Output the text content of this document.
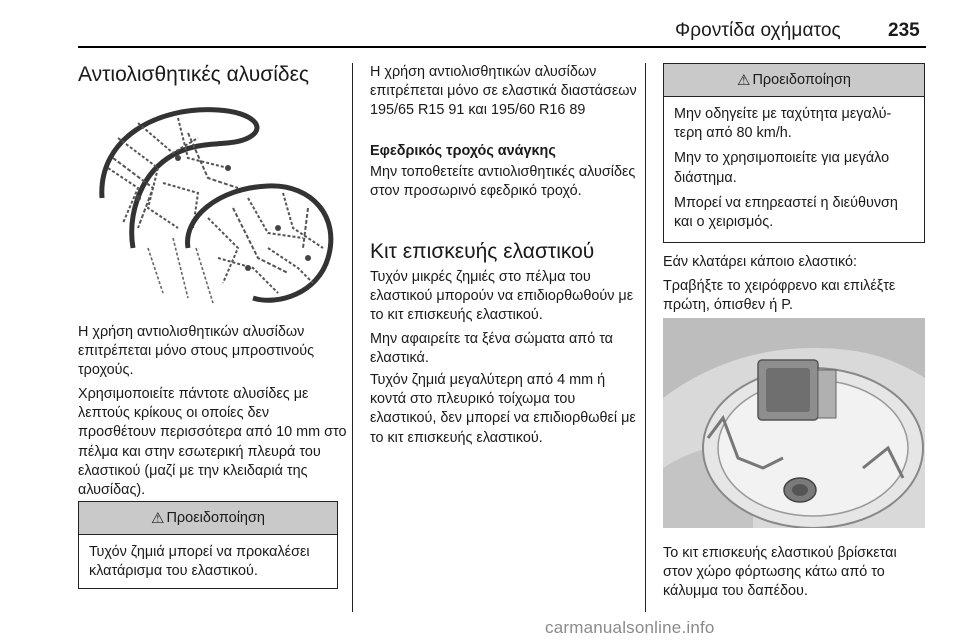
Φροντίδα οχήματος 235
Αντιολισθητικές αλυσίδες
Η χρήση αντιολισθητικών αλυσίδων επιτρέπεται μόνο στους μπροστινούς τροχούς.
Χρησιμοποιείτε πάντοτε αλυσίδες με λεπτούς κρίκους οι οποίες δεν προσθέτουν περισσότερα από 10 mm στο πέλμα και στην εσωτερική πλευρά του ελαστικού (μαζί με την κλειδαριά της αλυσίδας).
⚠ Προειδοποίηση

Τυχόν ζημιά μπορεί να προκαλέσει κλατάρισμα του ελαστικού.

Η χρήση αντιολισθητικών αλυσίδων επιτρέπεται μόνο σε ελαστικά διαστάσεων 195/65 R15 91 και 195/60 R16 89
Εφεδρικός τροχός ανάγκης
Μην τοποθετείτε αντιολισθητικές αλυσίδες στον προσωρινό εφεδρικό τροχό.
Κιτ επισκευής ελαστικού
Τυχόν μικρές ζημιές στο πέλμα του ελαστικού μπορούν να επιδιορθωθούν με το κιτ επισκευής ελαστικού.
Μην αφαιρείτε τα ξένα σώματα από τα ελαστικά.
Τυχόν ζημιά μεγαλύτερη από 4 mm ή κοντά στο πλευρικό τοίχωμα του ελαστικού, δεν μπορεί να επιδιορθωθεί με το κιτ επισκευής ελαστικού.
⚠ Προειδοποίηση

Μην οδηγείτε με ταχύτητα μεγαλύτερη από 80 km/h.

Μην το χρησιμοποιείτε για μεγάλο διάστημα.

Μπορεί να επηρεαστεί η διεύθυνση και ο χειρισμός.

Εάν κλατάρει κάποιο ελαστικό:
Τραβήξτε το χειρόφρενο και επιλέξτε πρώτη, όπισθεν ή P.
Το κιτ επισκευής ελαστικού βρίσκεται στον χώρο φόρτωσης κάτω από το κάλυμμα του δαπέδου.
carmanualsonline.info
